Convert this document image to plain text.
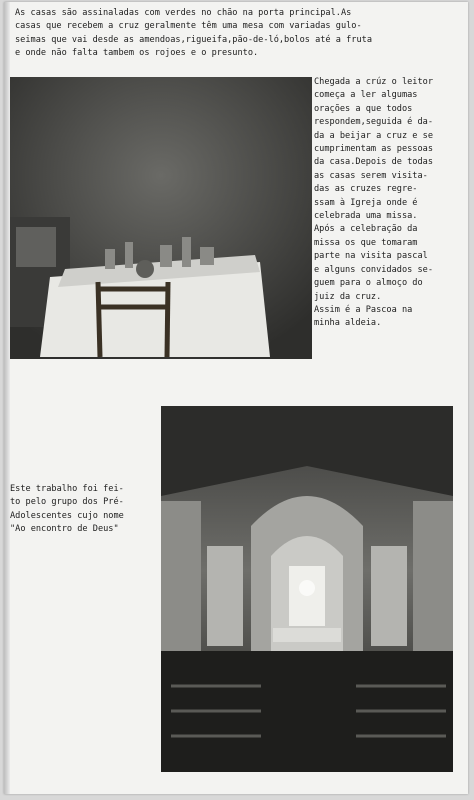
As casas são assinaladas com verdes no chão na porta principal.As
casas que recebem a cruz geralmente têm uma mesa com variadas gulo-
seimas que vai desde as amendoas,rigueifa,pão-de-ló,bolos até a fruta
e onde não falta tambem os rojoes e o presunto.
Chegada a crúz o leitor
começa a ler algumas
orações a que todos
respondem,seguida é da-
da a beijar a cruz e se
cumprimentam as pessoas
da casa.Depois de todas
as casas serem visita-
das as cruzes regre-
ssam à Igreja onde é
celebrada uma missa.
Após a celebração da
missa os que tomaram
parte na visita pascal
e alguns convidados se-
guem para o almoço do
juiz da cruz.
Assim é a Pascoa na
minha aldeia.
Este trabalho foi fei-
to pelo grupo dos Pré-
Adolescentes cujo nome
"Ao encontro de Deus"
